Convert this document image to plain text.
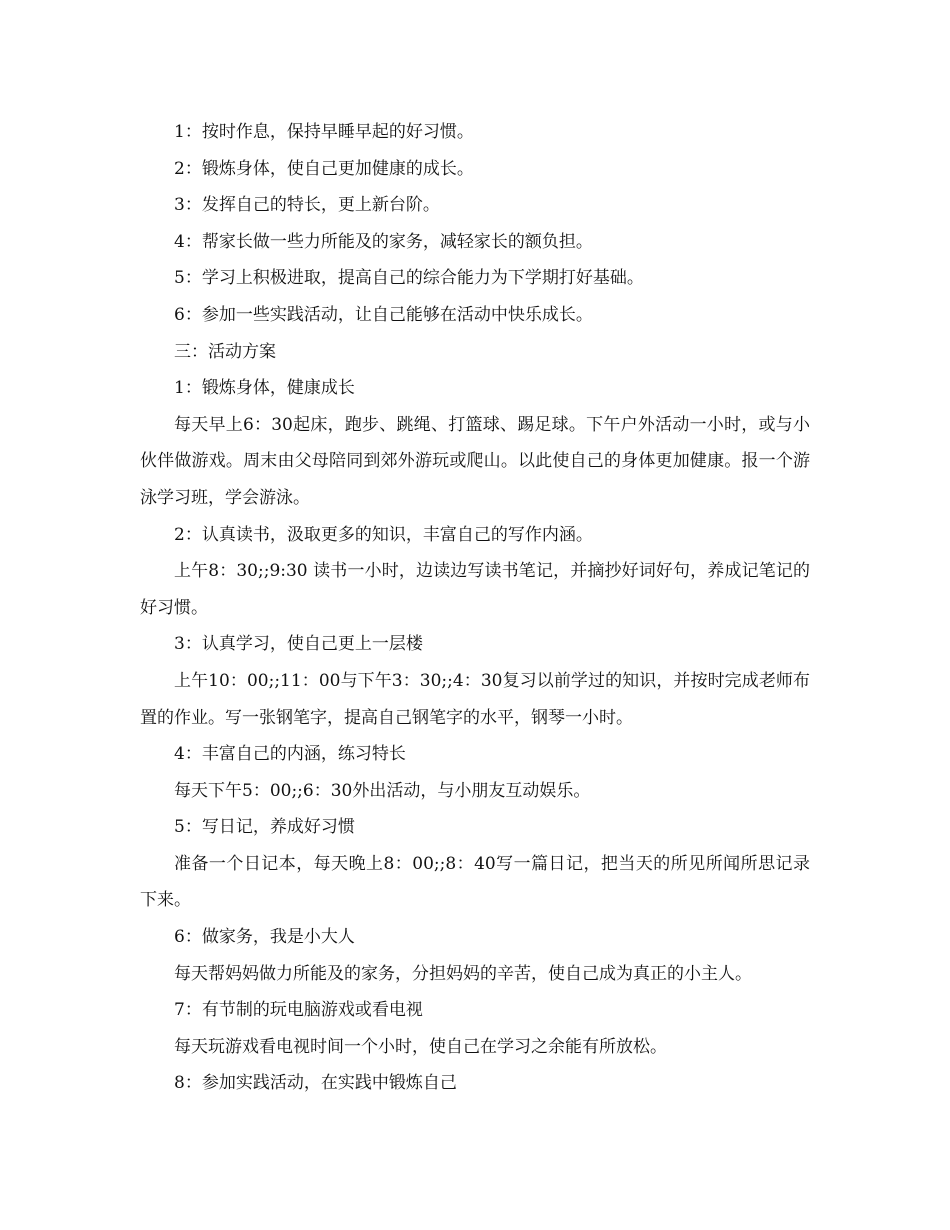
1：按时作息，保持早睡早起的好习惯。

2：锻炼身体，使自己更加健康的成长。

3：发挥自己的特长，更上新台阶。

4：帮家长做一些力所能及的家务，减轻家长的额负担。

5：学习上积极进取，提高自己的综合能力为下学期打好基础。

6：参加一些实践活动，让自己能够在活动中快乐成长。

三：活动方案

1：锻炼身体，健康成长

每天早上6：30起床，跑步、跳绳、打篮球、踢足球。下午户外活动一小时，或与小伙伴做游戏。周末由父母陪同到郊外游玩或爬山。以此使自己的身体更加健康。报一个游泳学习班，学会游泳。

2：认真读书，汲取更多的知识，丰富自己的写作内涵。

上午8：30;;9:30 读书一小时，边读边写读书笔记，并摘抄好词好句，养成记笔记的好习惯。

3：认真学习，使自己更上一层楼

上午10：00;;11：00与下午3：30;;4：30复习以前学过的知识，并按时完成老师布置的作业。写一张钢笔字，提高自己钢笔字的水平，钢琴一小时。

4：丰富自己的内涵，练习特长

每天下午5：00;;6：30外出活动，与小朋友互动娱乐。

5：写日记，养成好习惯

准备一个日记本，每天晚上8：00;;8：40写一篇日记，把当天的所见所闻所思记录下来。

6：做家务，我是小大人

每天帮妈妈做力所能及的家务，分担妈妈的辛苦，使自己成为真正的小主人。

7：有节制的玩电脑游戏或看电视

每天玩游戏看电视时间一个小时，使自己在学习之余能有所放松。

8：参加实践活动，在实践中锻炼自己
